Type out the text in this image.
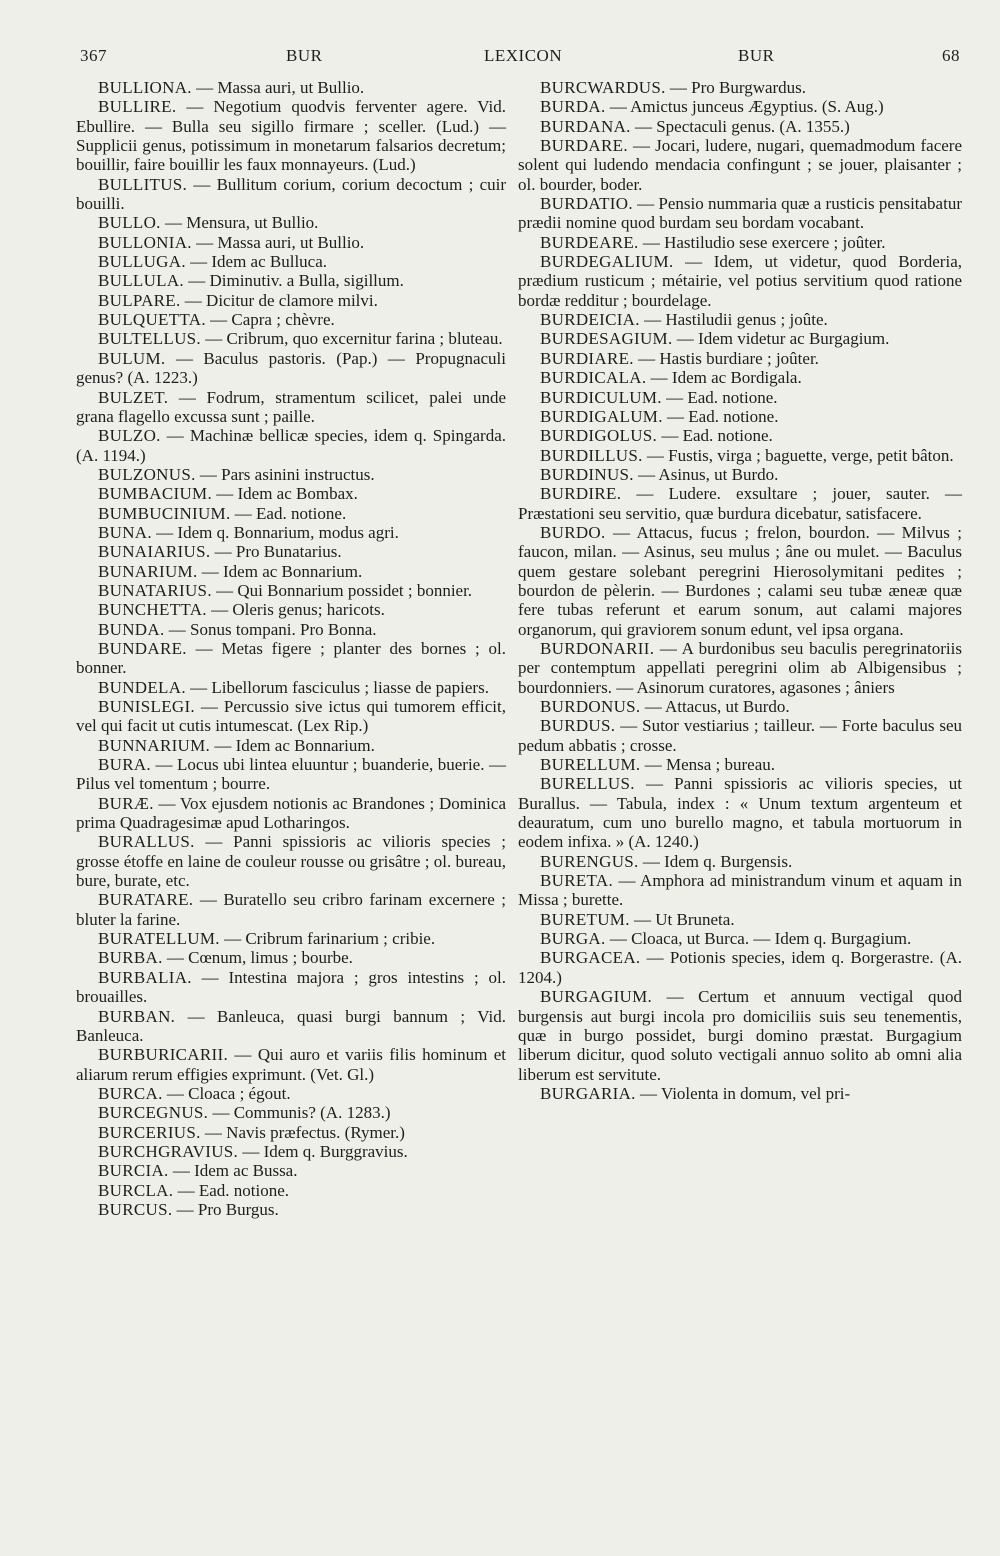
367	BUR	LEXICON	BUR	68

BULLIONA. — Massa auri, ut Bullio.

BULLIRE. — Negotium quodvis ferventer agere. Vid. Ebullire. — Bulla seu sigillo firmare ; sceller. (Lud.) — Supplicii genus, potissimum in monetarum falsarios decretum; bouillir, faire bouillir les faux monnayeurs. (Lud.)

BULLITUS. — Bullitum corium, corium decoctum ; cuir bouilli.

BULLO. — Mensura, ut Bullio.

BULLONIA. — Massa auri, ut Bullio.

BULLUGA. — Idem ac Bulluca.

BULLULA. — Diminutiv. a Bulla, sigillum.

BULPARE. — Dicitur de clamore milvi.

BULQUETTA. — Capra ; chèvre.

BULTELLUS. — Cribrum, quo excernitur farina ; bluteau.

BULUM. — Baculus pastoris. (Pap.) — Propugnaculi genus? (A. 1223.)

BULZET. — Fodrum, stramentum scilicet, palei unde grana flagello excussa sunt ; paille.

BULZO. — Machinæ bellicæ species, idem q. Spingarda. (A. 1194.)

BULZONUS. — Pars asinini instructus.

BUMBACIUM. — Idem ac Bombax.

BUMBUCINIUM. — Ead. notione.

BUNA. — Idem q. Bonnarium, modus agri.

BUNAIARIUS. — Pro Bunatarius.

BUNARIUM. — Idem ac Bonnarium.

BUNATARIUS. — Qui Bonnarium possidet ; bonnier.

BUNCHETTA. — Oleris genus; haricots.

BUNDA. — Sonus tompani. Pro Bonna.

BUNDARE. — Metas figere ; planter des bornes ; ol. bonner.

BUNDELA. — Libellorum fasciculus ; liasse de papiers.

BUNISLEGI. — Percussio sive ictus qui tumorem efficit, vel qui facit ut cutis intumescat. (Lex Rip.)

BUNNARIUM. — Idem ac Bonnarium.

BURA. — Locus ubi lintea eluuntur ; buanderie, buerie. — Pilus vel tomentum ; bourre.

BURÆ. — Vox ejusdem notionis ac Brandones ; Dominica prima Quadragesimæ apud Lotharingos.

BURALLUS. — Panni spissioris ac vilioris species ; grosse étoffe en laine de couleur rousse ou grisâtre ; ol. bureau, bure, burate, etc.

BURATARE. — Buratello seu cribro farinam excernere ; bluter la farine.

BURATELLUM. — Cribrum farinarium ; cribie.

BURBA. — Cœnum, limus ; bourbe.

BURBALIA. — Intestina majora ; gros intestins ; ol. brouailles.

BURBAN. — Banleuca, quasi burgi bannum ; Vid. Banleuca.

BURBURICARII. — Qui auro et variis filis hominum et aliarum rerum effigies exprimunt. (Vet. Gl.)

BURCA. — Cloaca ; égout.

BURCEGNUS. — Communis? (A. 1283.)

BURCERIUS. — Navis præfectus. (Rymer.)

BURCHGRAVIUS. — Idem q. Burggravius.

BURCIA. — Idem ac Bussa.

BURCLA. — Ead. notione.

BURCUS. — Pro Burgus.

BURCWARDUS. — Pro Burgwardus.

BURDA. — Amictus junceus Ægyptius. (S. Aug.)

BURDANA. — Spectaculi genus. (A. 1355.)

BURDARE. — Jocari, ludere, nugari, quemadmodum facere solent qui ludendo mendacia confingunt ; se jouer, plaisanter ; ol. bourder, boder.

BURDATIO. — Pensio nummaria quæ a rusticis pensitabatur prædii nomine quod burdam seu bordam vocabant.

BURDEARE. — Hastiludio sese exercere ; joûter.

BURDEGALIUM. — Idem, ut videtur, quod Borderia, prædium rusticum ; métairie, vel potius servitium quod ratione bordæ redditur ; bourdelage.

BURDEICIA. — Hastiludii genus ; joûte.

BURDESAGIUM. — Idem videtur ac Burgagium.

BURDIARE. — Hastis burdiare ; joûter.

BURDICALA. — Idem ac Bordigala.

BURDICULUM. — Ead. notione.

BURDIGALUM. — Ead. notione.

BURDIGOLUS. — Ead. notione.

BURDILLUS. — Fustis, virga ; baguette, verge, petit bâton.

BURDINUS. — Asinus, ut Burdo.

BURDIRE. — Ludere. exsultare ; jouer, sauter. — Præstationi seu servitio, quæ burdura dicebatur, satisfacere.

BURDO. — Attacus, fucus ; frelon, bourdon. — Milvus ; faucon, milan. — Asinus, seu mulus ; âne ou mulet. — Baculus quem gestare solebant peregrini Hierosolymitani pedites ; bourdon de pèlerin. — Burdones ; calami seu tubæ æneæ quæ fere tubas referunt et earum sonum, aut calami majores organorum, qui graviorem sonum edunt, vel ipsa organa.

BURDONARII. — A burdonibus seu baculis peregrinatoriis per contemptum appellati peregrini olim ab Albigensibus ; bourdonniers. — Asinorum curatores, agasones ; âniers

BURDONUS. — Attacus, ut Burdo.

BURDUS. — Sutor vestiarius ; tailleur. — Forte baculus seu pedum abbatis ; crosse.

BURELLUM. — Mensa ; bureau.

BURELLUS. — Panni spissioris ac vilioris species, ut Burallus. — Tabula, index : « Unum textum argenteum et deauratum, cum uno burello magno, et tabula mortuorum in eodem infixa. » (A. 1240.)

BURENGUS. — Idem q. Burgensis.

BURETA. — Amphora ad ministrandum vinum et aquam in Missa ; burette.

BURETUM. — Ut Bruneta.

BURGA. — Cloaca, ut Burca. — Idem q. Burgagium.

BURGACEA. — Potionis species, idem q. Borgerastre. (A. 1204.)

BURGAGIUM. — Certum et annuum vectigal quod burgensis aut burgi incola pro domiciliis suis seu tenementis, quæ in burgo possidet, burgi domino præstat. Burgagium liberum dicitur, quod soluto vectigali annuo solito ab omni alia liberum est servitute.

BURGARIA. — Violenta in domum, vel pri-
